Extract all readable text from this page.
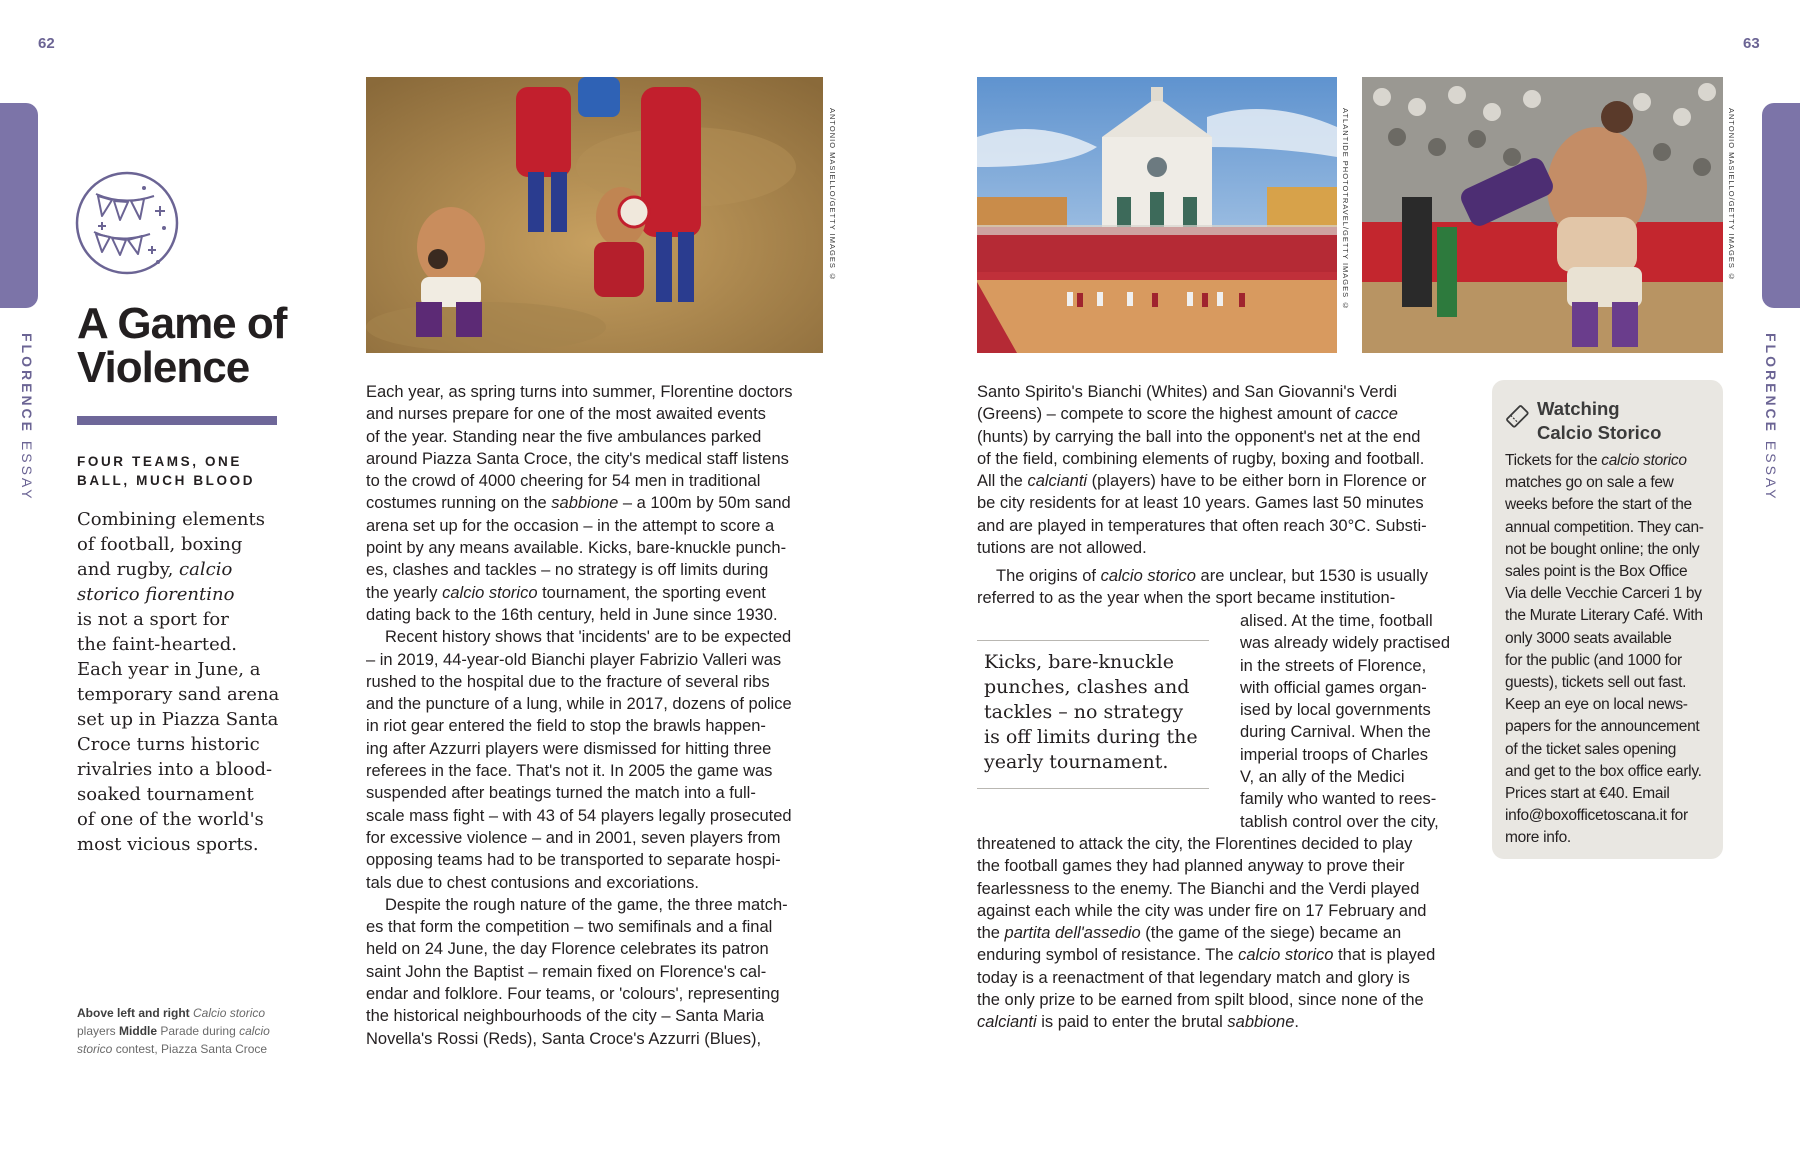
62	63
FLORENCE ESSAY
FLORENCE ESSAY
A Game of
Violence
FOUR TEAMS, ONE
BALL, MUCH BLOOD
Combining elements
of football, boxing
and rugby, calcio
storico fiorentino
is not a sport for
the faint-hearted.
Each year in June, a
temporary sand arena
set up in Piazza Santa
Croce turns historic
rivalries into a blood-
soaked tournament
of one of the world's
most vicious sports.
Above left and right Calcio storico
players Middle Parade during calcio
storico contest, Piazza Santa Croce
ANTONIO MASIELLO/GETTY IMAGES ©	ATLANTIDE PHOTOTRAVEL/GETTY IMAGES ©	ANTONIO MASIELLO/GETTY IMAGES ©
Each year, as spring turns into summer, Florentine doctors
and nurses prepare for one of the most awaited events
of the year. Standing near the five ambulances parked
around Piazza Santa Croce, the city's medical staff listens
to the crowd of 4000 cheering for 54 men in traditional
costumes running on the sabbione – a 100m by 50m sand
arena set up for the occasion – in the attempt to score a
point by any means available. Kicks, bare-knuckle punch-
es, clashes and tackles – no strategy is off limits during
the yearly calcio storico tournament, the sporting event
dating back to the 16th century, held in June since 1930.
Recent history shows that 'incidents' are to be expected
– in 2019, 44-year-old Bianchi player Fabrizio Valleri was
rushed to the hospital due to the fracture of several ribs
and the puncture of a lung, while in 2017, dozens of police
in riot gear entered the field to stop the brawls happen-
ing after Azzurri players were dismissed for hitting three
referees in the face. That's not it. In 2005 the game was
suspended after beatings turned the match into a full-
scale mass fight – with 43 of 54 players legally prosecuted
for excessive violence – and in 2001, seven players from
opposing teams had to be transported to separate hospi-
tals due to chest contusions and excoriations.
Despite the rough nature of the game, the three match-
es that form the competition – two semifinals and a final
held on 24 June, the day Florence celebrates its patron
saint John the Baptist – remain fixed on Florence's cal-
endar and folklore. Four teams, or 'colours', representing
the historical neighbourhoods of the city – Santa Maria
Novella's Rossi (Reds), Santa Croce's Azzurri (Blues),
Santo Spirito's Bianchi (Whites) and San Giovanni's Verdi
(Greens) – compete to score the highest amount of cacce
(hunts) by carrying the ball into the opponent's net at the end
of the field, combining elements of rugby, boxing and football.
All the calcianti (players) have to be either born in Florence or
be city residents for at least 10 years. Games last 50 minutes
and are played in temperatures that often reach 30°C. Substi-
tutions are not allowed.
The origins of calcio storico are unclear, but 1530 is usually
referred to as the year when the sport became institution-
alised. At the time, football
was already widely practised
in the streets of Florence,
with official games organ-
ised by local governments
during Carnival. When the
imperial troops of Charles
V, an ally of the Medici
family who wanted to rees-
tablish control over the city,
threatened to attack the city, the Florentines decided to play
the football games they had planned anyway to prove their
fearlessness to the enemy. The Bianchi and the Verdi played
against each while the city was under fire on 17 February and
the partita dell'assedio (the game of the siege) became an
enduring symbol of resistance. The calcio storico that is played
today is a reenactment of that legendary match and glory is
the only prize to be earned from spilt blood, since none of the
calcianti is paid to enter the brutal sabbione.
Kicks, bare-knuckle
punches, clashes and
tackles – no strategy
is off limits during the
yearly tournament.
Watching
Calcio Storico
Tickets for the calcio storico
matches go on sale a few
weeks before the start of the
annual competition. They can-
not be bought online; the only
sales point is the Box Office
Via delle Vecchie Carceri 1 by
the Murate Literary Café. With
only 3000 seats available
for the public (and 1000 for
guests), tickets sell out fast.
Keep an eye on local news-
papers for the announcement
of the ticket sales opening
and get to the box office early.
Prices start at €40. Email
info@boxofficetoscana.it for
more info.
